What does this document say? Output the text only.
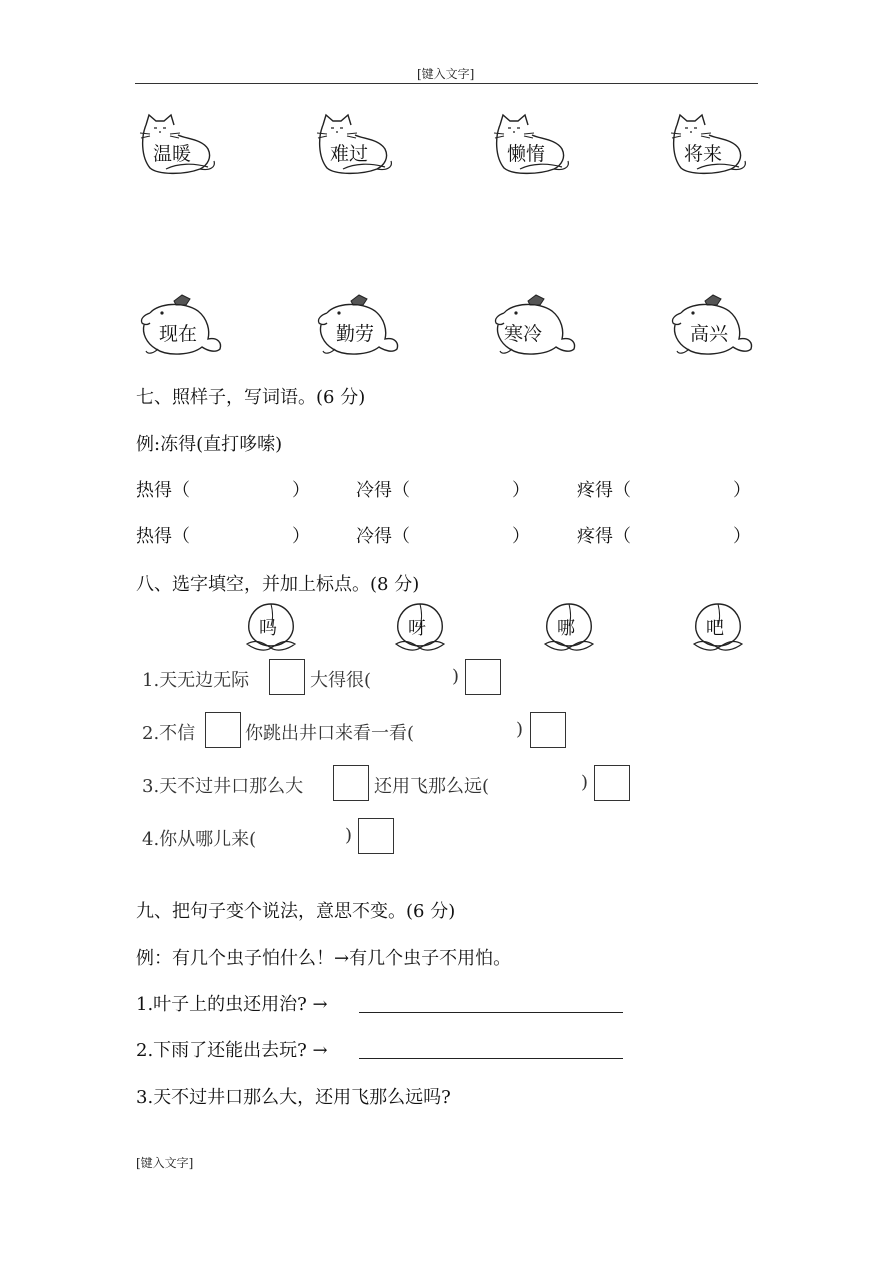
[键入文字]
温暖	难过	懒惰	将来
现在	勤劳	寒冷	高兴
七、照样子，写词语。(6 分)
例:冻得(直打哆嗦)
热得（	）	冷得（	）	疼得（	）
热得（	）	冷得（	）	疼得（	）
八、选字填空，并加上标点。(8 分)
吗	呀	哪	吧
1.天无边无际	大得很(	)
2.不信	你跳出井口来看一看(	)
3.天不过井口那么大	还用飞那么远(	)
4.你从哪儿来(	)
九、把句子变个说法，意思不变。(6 分)
例：有几个虫子怕什么！→有几个虫子不用怕。
1.叶子上的虫还用治? →
2.下雨了还能出去玩? →
3.天不过井口那么大，还用飞那么远吗?
[键入文字]
